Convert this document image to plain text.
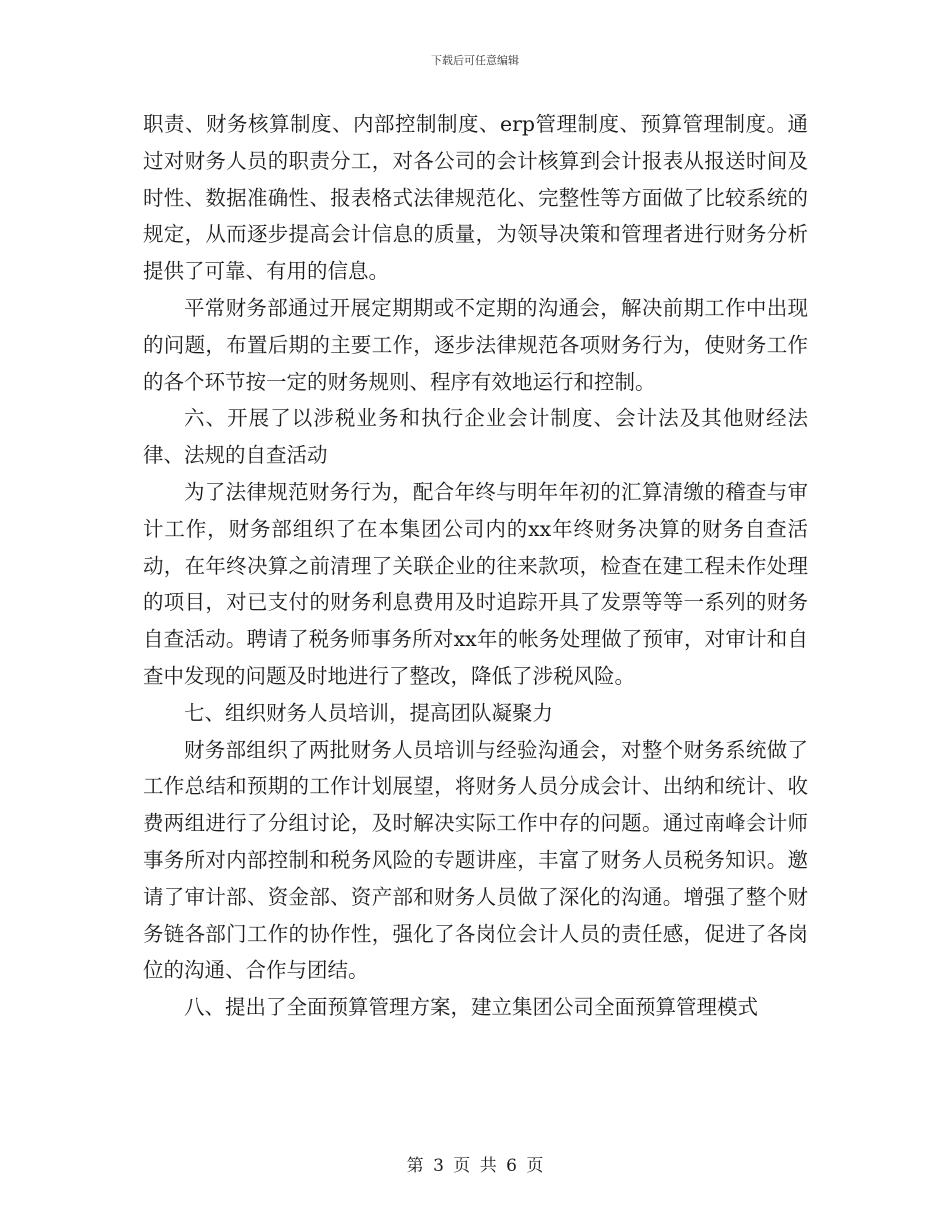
下载后可任意编辑

职责、财务核算制度、内部控制制度、erp管理制度、预算管理制度。通过对财务人员的职责分工，对各公司的会计核算到会计报表从报送时间及时性、数据准确性、报表格式法律规范化、完整性等方面做了比较系统的规定，从而逐步提高会计信息的质量，为领导决策和管理者进行财务分析提供了可靠、有用的信息。

平常财务部通过开展定期期或不定期的沟通会，解决前期工作中出现的问题，布置后期的主要工作，逐步法律规范各项财务行为，使财务工作的各个环节按一定的财务规则、程序有效地运行和控制。

六、开展了以涉税业务和执行企业会计制度、会计法及其他财经法律、法规的自查活动

为了法律规范财务行为，配合年终与明年年初的汇算清缴的稽查与审计工作，财务部组织了在本集团公司内的xx年终财务决算的财务自查活动，在年终决算之前清理了关联企业的往来款项，检查在建工程未作处理的项目，对已支付的财务利息费用及时追踪开具了发票等等一系列的财务自查活动。聘请了税务师事务所对xx年的帐务处理做了预审，对审计和自查中发现的问题及时地进行了整改，降低了涉税风险。

七、组织财务人员培训，提高团队凝聚力

财务部组织了两批财务人员培训与经验沟通会，对整个财务系统做了工作总结和预期的工作计划展望，将财务人员分成会计、出纳和统计、收费两组进行了分组讨论，及时解决实际工作中存的问题。通过南峰会计师事务所对内部控制和税务风险的专题讲座，丰富了财务人员税务知识。邀请了审计部、资金部、资产部和财务人员做了深化的沟通。增强了整个财务链各部门工作的协作性，强化了各岗位会计人员的责任感，促进了各岗位的沟通、合作与团结。

八、提出了全面预算管理方案，建立集团公司全面预算管理模式

第 3 页 共 6 页
